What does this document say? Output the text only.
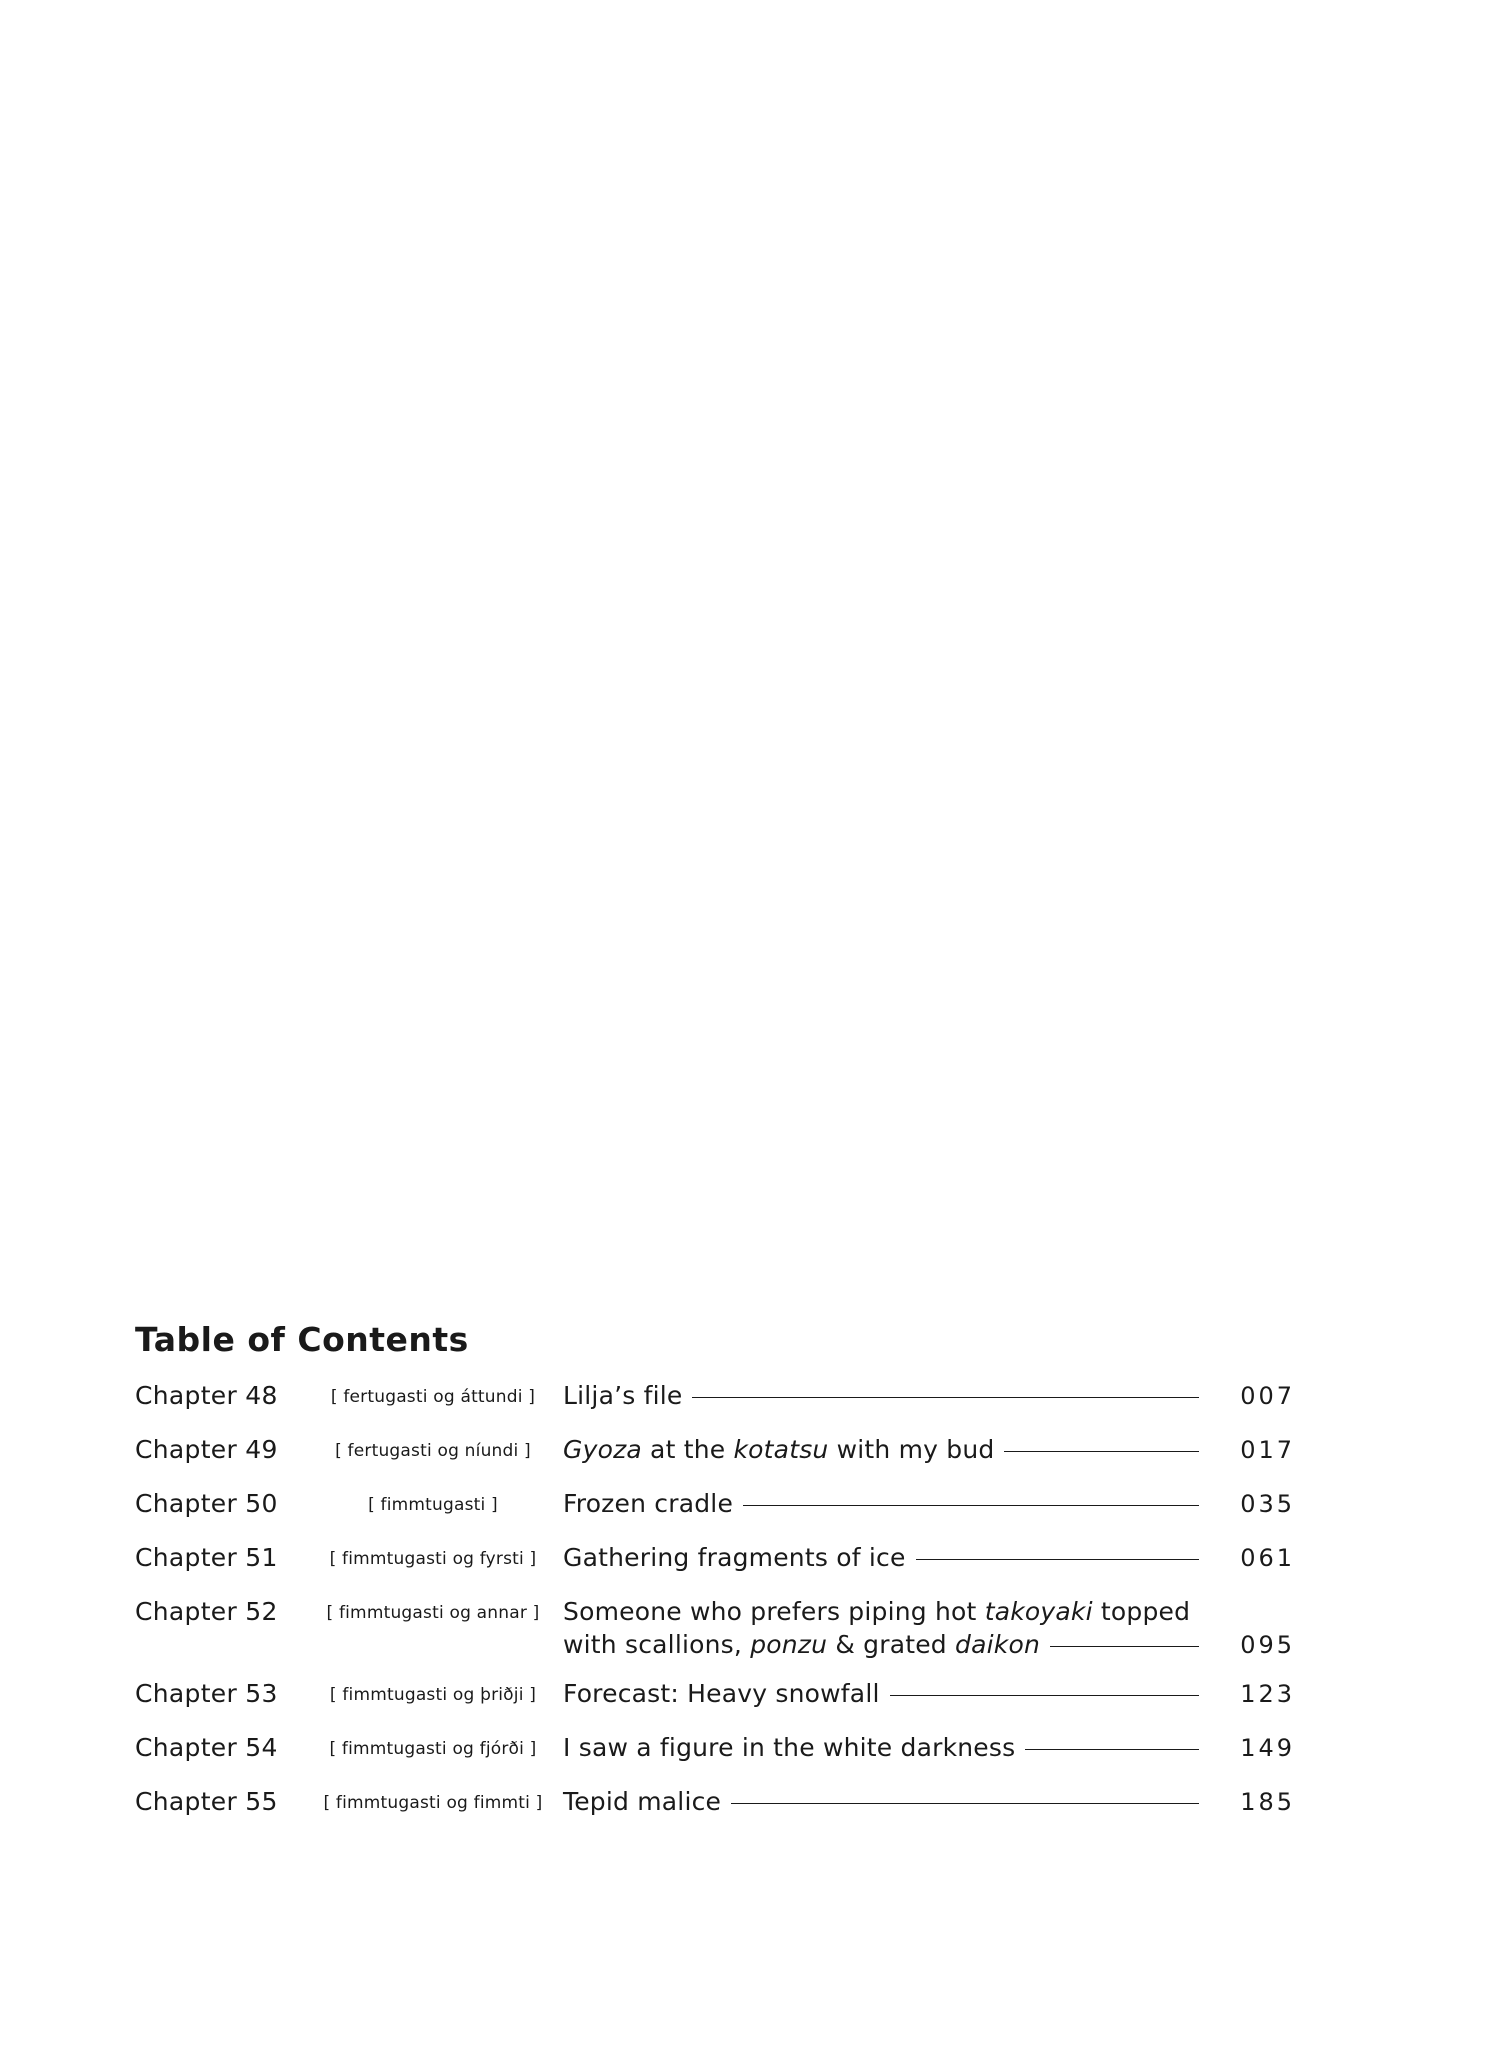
Table of Contents
Chapter 48	[ fertugasti og áttundi ]	Lilja’s file	007
Chapter 49	[ fertugasti og níundi ]	Gyoza at the kotatsu with my bud	017
Chapter 50	[ fimmtugasti ]	Frozen cradle	035
Chapter 51	[ fimmtugasti og fyrsti ]	Gathering fragments of ice	061
Chapter 52	[ fimmtugasti og annar ] Someone who prefers piping hot takoyaki topped
with scallions, ponzu & grated daikon	095
Chapter 53	[ fimmtugasti og þriðji ]	Forecast: Heavy snowfall	123
Chapter 54	[ fimmtugasti og fjórði ]	I saw a figure in the white darkness	149
Chapter 55	[ fimmtugasti og fimmti ] Tepid malice	185
